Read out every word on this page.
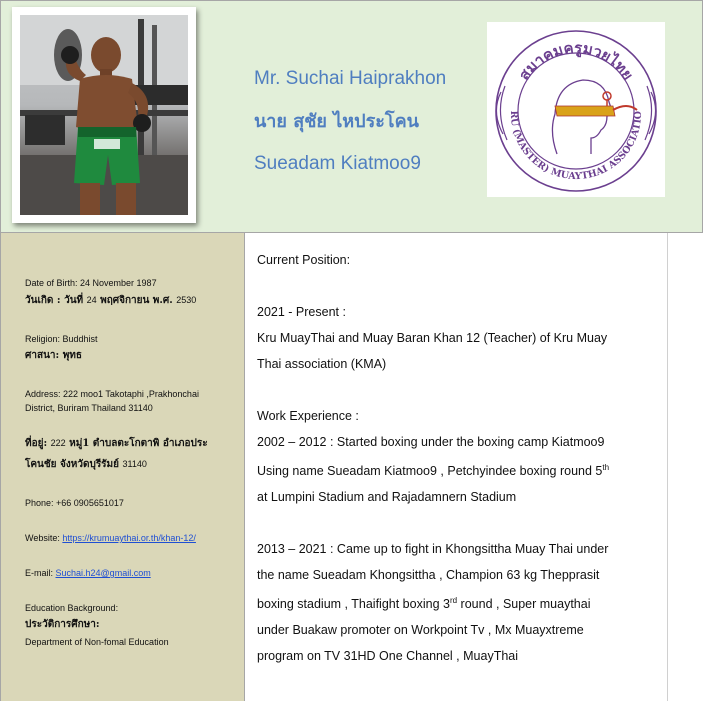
Mr. Suchai Haiprakhon
นาย สุชัย ไหประโคน
Sueadam Kiatmoo9
สมาคมครูมวยไทย
RU (MASTER) MUAYTHAI ASSOCIATIO
Date of Birth: 24 November 1987
วันเกิด : วันที่ 24 พฤศจิกายน พ.ศ. 2530
Religion: Buddhist
ศาสนา: พุทธ
Address: 222 moo1 Takotaphi ,Prakhonchai
District, Buriram Thailand 31140
ที่อยู่: 222 หมู่1 ตำบลตะโกตาพิ อำเภอประ
โคนชัย จังหวัดบุรีรัมย์ 31140
Phone: +66 0905651017
Website: https://krumuaythai.or.th/khan-12/
E-mail: Suchai.h24@gmail.com
Education Background:
ประวัติการศึกษา:
Department of Non-fomal Education
Current Position:
2021 - Present :
Kru MuayThai and Muay Baran Khan 12 (Teacher) of Kru Muay
Thai association (KMA)
Work Experience :
2002 – 2012 : Started boxing under the boxing camp Kiatmoo9
Using name Sueadam Kiatmoo9 , Petchyindee boxing round 5th
at Lumpini Stadium and Rajadamnern Stadium
2013 – 2021 : Came up to fight in Khongsittha Muay Thai under
the name Sueadam Khongsittha , Champion 63 kg Thepprasit
boxing stadium , Thaifight boxing 3rd round , Super muaythai
under Buakaw promoter on Workpoint Tv , Mx Muayxtreme
program on TV 31HD One Channel , MuayThai
